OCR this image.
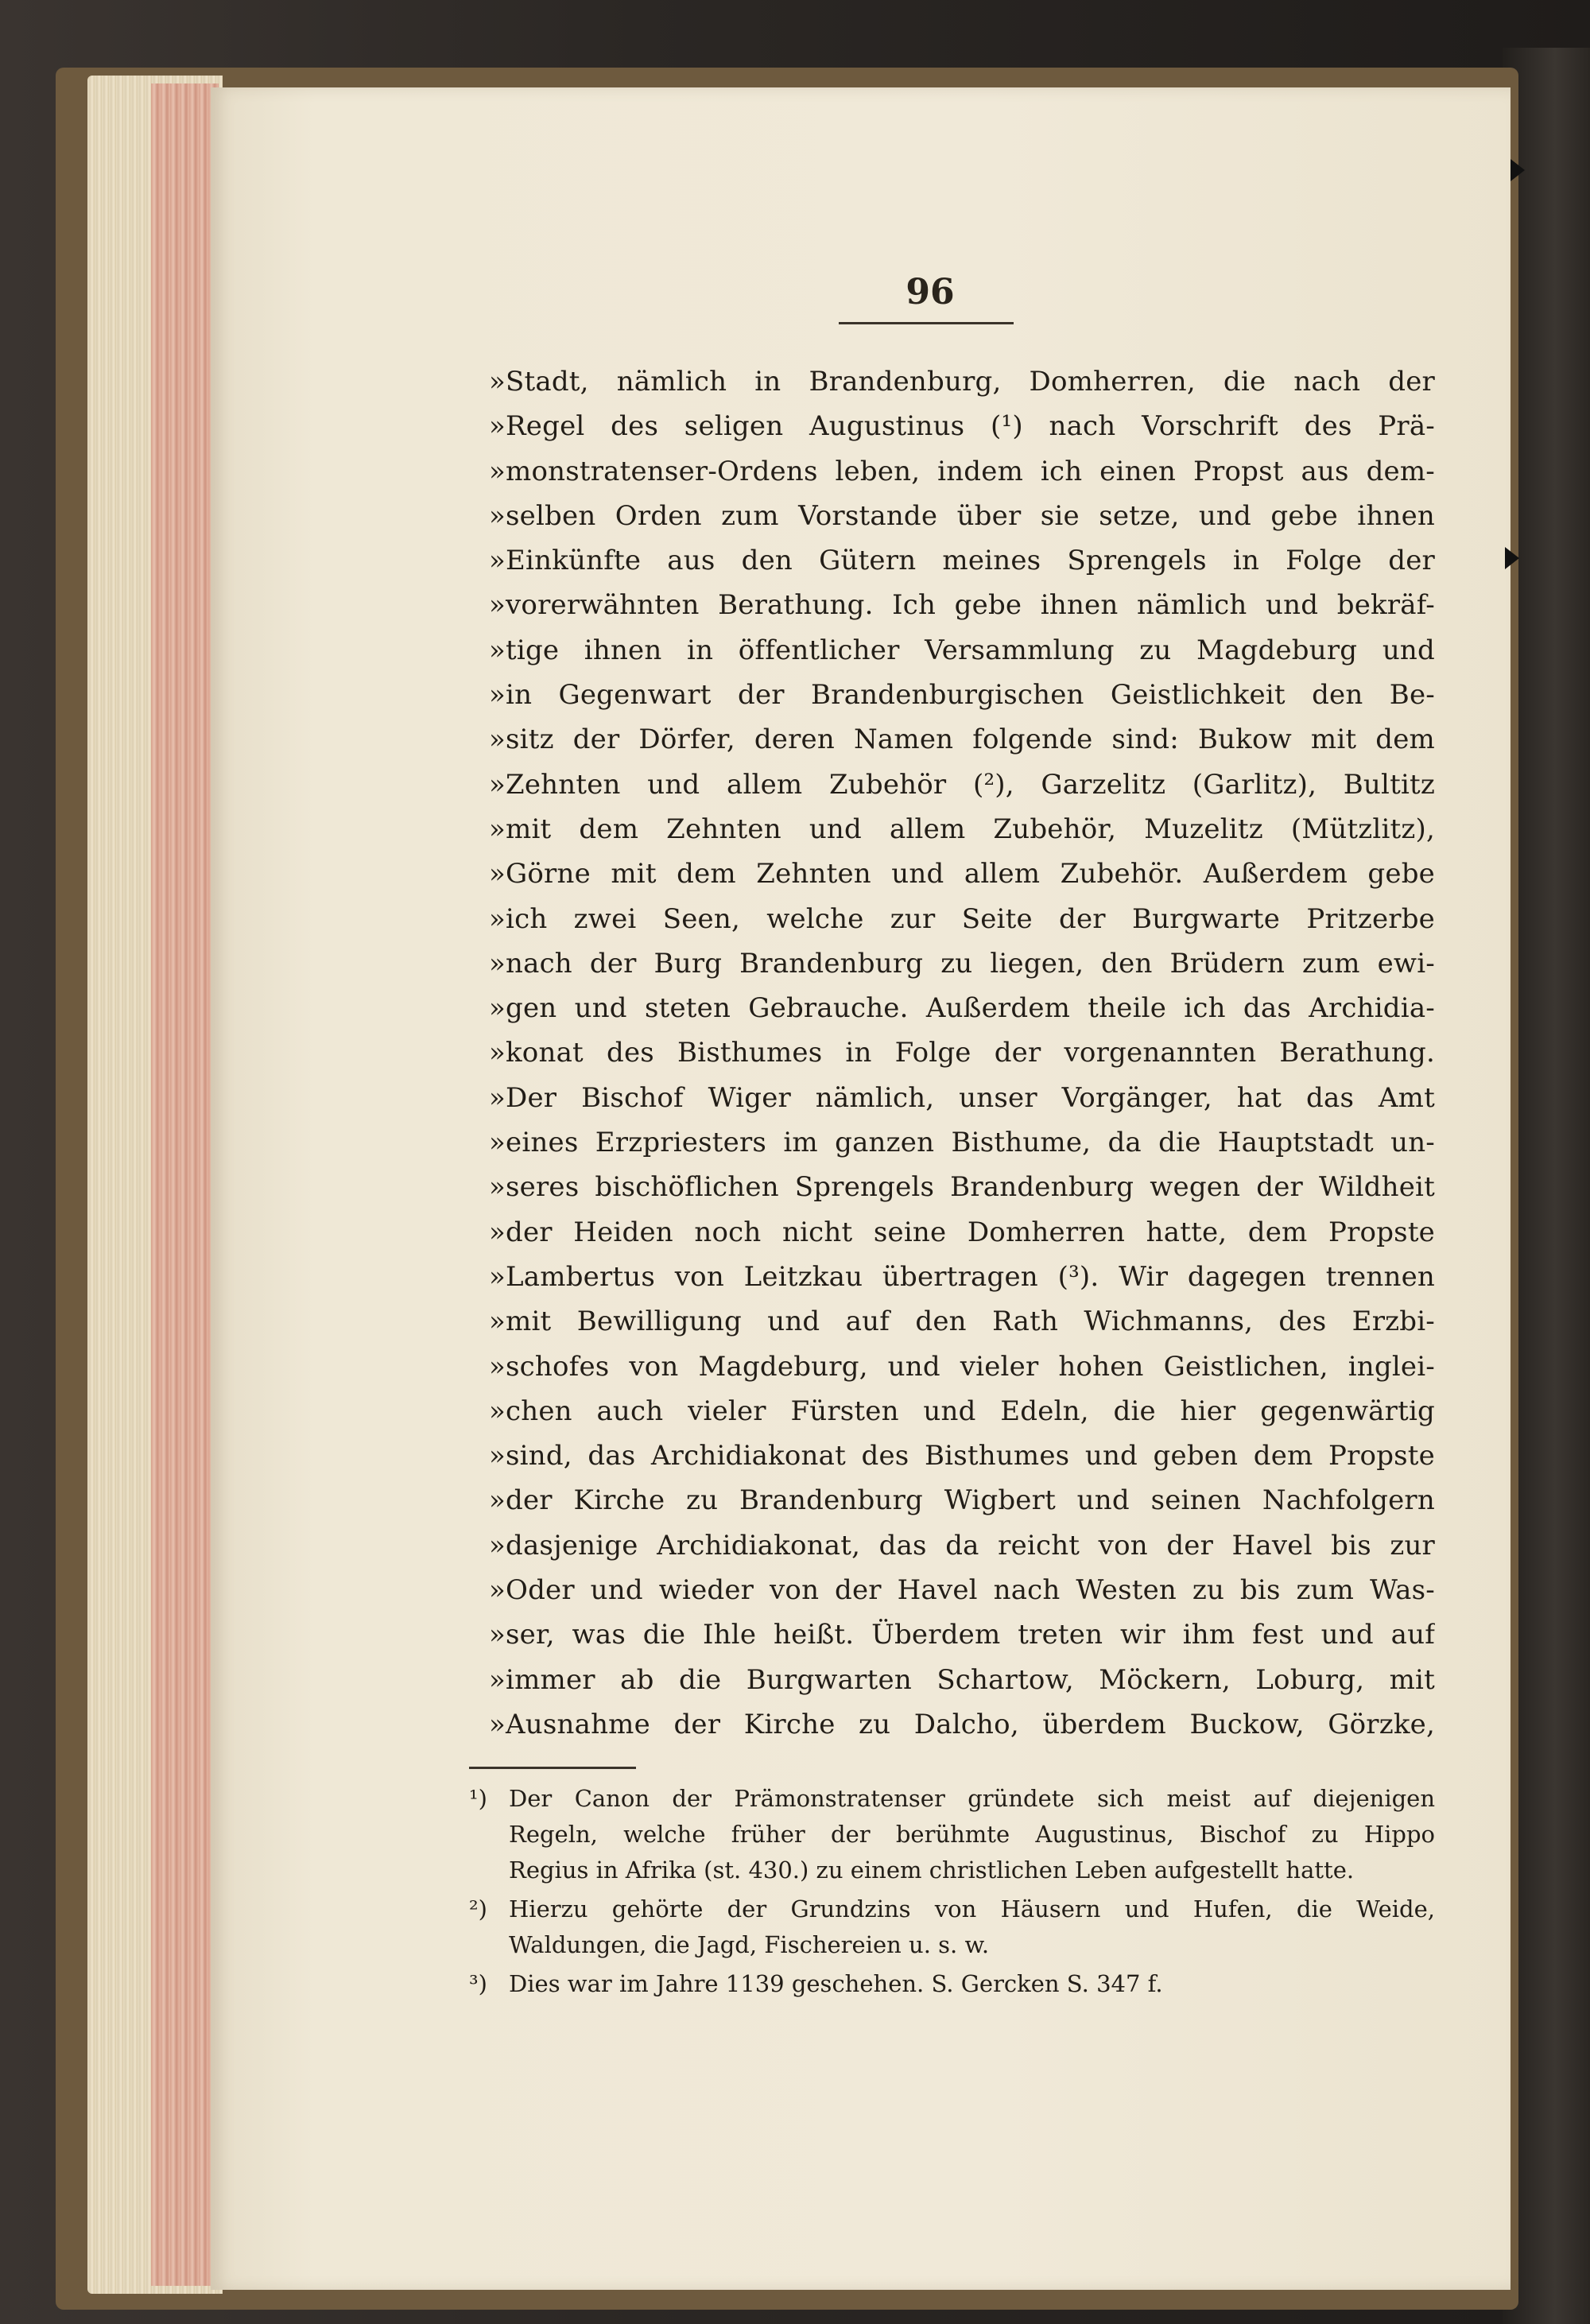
96
»Stadt, nämlich in Brandenburg, Domherren, die nach der
»Regel des seligen Augustinus (¹) nach Vorschrift des Prä-
»monstratenser-Ordens leben, indem ich einen Propst aus dem-
»selben Orden zum Vorstande über sie setze, und gebe ihnen
»Einkünfte aus den Gütern meines Sprengels in Folge der
»vorerwähnten Berathung. Ich gebe ihnen nämlich und bekräf-
»tige ihnen in öffentlicher Versammlung zu Magdeburg und
»in Gegenwart der Brandenburgischen Geistlichkeit den Be-
»sitz der Dörfer, deren Namen folgende sind: Bukow mit dem
»Zehnten und allem Zubehör (²), Garzelitz (Garlitz), Bultitz
»mit dem Zehnten und allem Zubehör, Muzelitz (Mützlitz),
»Görne mit dem Zehnten und allem Zubehör. Außerdem gebe
»ich zwei Seen, welche zur Seite der Burgwarte Pritzerbe
»nach der Burg Brandenburg zu liegen, den Brüdern zum ewi-
»gen und steten Gebrauche. Außerdem theile ich das Archidia-
»konat des Bisthumes in Folge der vorgenannten Berathung.
»Der Bischof Wiger nämlich, unser Vorgänger, hat das Amt
»eines Erzpriesters im ganzen Bisthume, da die Hauptstadt un-
»seres bischöflichen Sprengels Brandenburg wegen der Wildheit
»der Heiden noch nicht seine Domherren hatte, dem Propste
»Lambertus von Leitzkau übertragen (³). Wir dagegen trennen
»mit Bewilligung und auf den Rath Wichmanns, des Erzbi-
»schofes von Magdeburg, und vieler hohen Geistlichen, inglei-
»chen auch vieler Fürsten und Edeln, die hier gegenwärtig
»sind, das Archidiakonat des Bisthumes und geben dem Propste
»der Kirche zu Brandenburg Wigbert und seinen Nachfolgern
»dasjenige Archidiakonat, das da reicht von der Havel bis zur
»Oder und wieder von der Havel nach Westen zu bis zum Was-
»ser, was die Ihle heißt. Überdem treten wir ihm fest und auf
»immer ab die Burgwarten Schartow, Möckern, Loburg, mit
»Ausnahme der Kirche zu Dalcho, überdem Buckow, Görzke,
¹) Der Canon der Prämonstratenser gründete sich meist auf diejenigen
Regeln, welche früher der berühmte Augustinus, Bischof zu Hippo
Regius in Afrika (st. 430.) zu einem christlichen Leben aufgestellt hatte.
²) Hierzu gehörte der Grundzins von Häusern und Hufen, die Weide,
Waldungen, die Jagd, Fischereien u. s. w.
³) Dies war im Jahre 1139 geschehen. S. Gercken S. 347 f.
